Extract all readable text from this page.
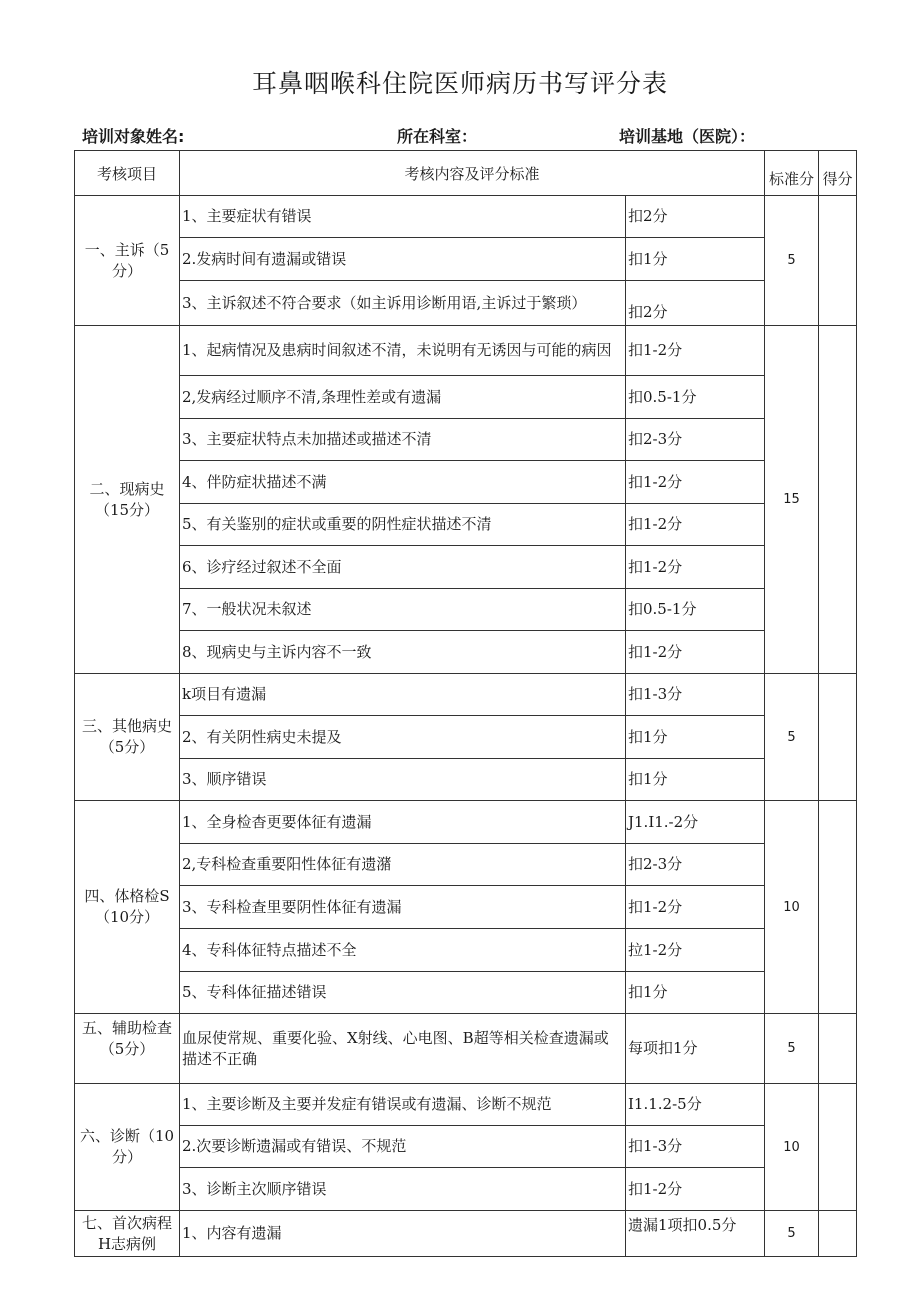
耳鼻咽喉科住院医师病历书写评分表
培训对象姓名:	所在科室：	培训基地（医院）：
考核项目	考核内容及评分标准		标准分	得分
一、主诉（5分）	1、主要症状有错误	扣2分	5	
	2.发病时间有遗漏或错误	扣1分		
	3、主诉叙述不符合要求（如主诉用诊断用语,主诉过于繁琐）	扣2分		
二、现病史（15分）	1、起病情况及患病时间叙述不清，未说明有无诱因与可能的病因	扣1-2分	15	
	2,发病经过顺序不清,条理性差或有遗漏	扣0.5-1分		
	3、主要症状特点未加描述或描述不清	扣2-3分		
	4、伴防症状描述不满	扣1-2分		
	5、有关鉴别的症状或重要的阴性症状描述不清	扣1-2分		
	6、诊疗经过叙述不全面	扣1-2分		
	7、一般状况未叙述	扣0.5-1分		
	8、现病史与主诉内容不一致	扣1-2分		
三、其他病史（5分）	k项目有遗漏	扣1-3分	5	
	2、有关阴性病史未提及	扣1分		
	3、顺序错误	扣1分		
四、体格检S（10分）	1、全身检杳更要体征有遗漏	J1.I1.-2分	10	
	2,专科检查重要阳性体征有遗潴	扣2-3分		
	3、专科检查里要阴性体征有遗漏	扣1-2分		
	4、专科体征特点描述不全	拉1-2分		
	5、专科体征描述错误	扣1分		
五、辅助检查（5分）	血尿使常规、重要化验、X射线、心电图、B超等相关检查遗漏或描述不正确	每项扣1分	5	
六、诊断（10分）	1、主要诊断及主要并发症有错误或有遗漏、诊断不规范	I1.1.2-5分	10	
	2.次要诊断遗漏或有错误、不规范	扣1-3分		
	3、诊断主次顺序错误	扣1-2分		
七、首次病程H志病例	1、内容有遗漏	遗漏1项扣0.5分	5	
